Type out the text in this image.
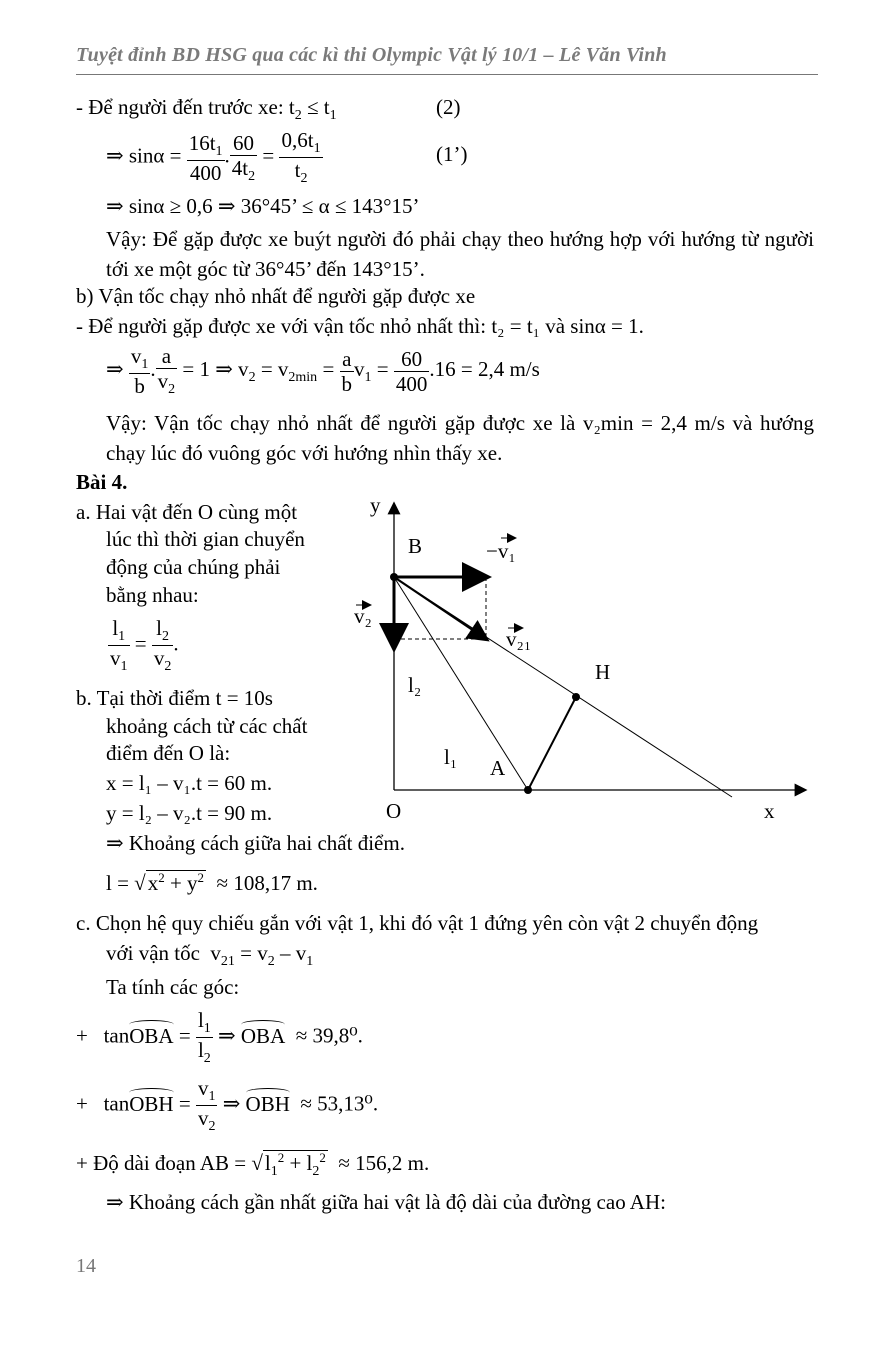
Tuyệt đỉnh BD HSG qua các kì thi Olympic Vật lý 10/1 – Lê Văn Vinh
- Để người đến trước xe: $t_2 \le t_1$	(2)
⇒ $\sin\alpha = \frac{16t_1}{400}$ . $\frac{60}{4t_2} = \frac{0,6t_1}{t_2}$	(1’)
⇒ sinα ≥ 0,6 ⇒ 36°45’ ≤ α ≤ 143°15’
Vậy: Để gặp được xe buýt người đó phải chạy theo hướng hợp với hướng từ người tới xe một góc từ 36°45’ đến 143°15’.
b) Vận tốc chạy nhỏ nhất để người gặp được xe
- Để người gặp được xe với vận tốc nhỏ nhất thì: t₂ = t₁ và sinα = 1.
⇒ $\frac{v_1}{b}$ . $\frac{a}{v_2} = 1$ ⇒ $v_2 = v_{2min} = \frac{a}{b} v_1 = \frac{60}{400} .16 = 2,4$ m/s
Vậy: Vận tốc chạy nhỏ nhất để người gặp được xe là v₂min = 2,4 m/s và hướng chạy lúc đó vuông góc với hướng nhìn thấy xe.
Bài 4.
a. Hai vật đến O cùng một
lúc thì thời gian chuyển
động của chúng phải
bằng nhau:
$\frac{l_1}{v_1} = \frac{l_2}{v_2}$ .
b. Tại thời điểm t = 10s
khoảng cách từ các chất
điểm đến O là:
x = l₁ – v₁.t = 60 m.
y = l₂ – v₂.t = 90 m.
⇒ Khoảng cách giữa hai chất điểm.
$l = √x^2 + y^2 \approx 108,17$ m.
y
x
O
B
A
H
−v₁
v₂
v₂₁
l₂
l₁
c. Chọn hệ quy chiếu gắn với vật 1, khi đó vật 1 đứng yên còn vật 2 chuyển động
với vận tốc  $v_{21} = v_2 - v_1$
Ta tính các góc:
+   tanOBA = $\frac{l_1}{l_2}$ ⇒ OBA ≈ 39,8⁰.
+   tanOBH = $\frac{v_1}{v_2}$ ⇒ OBH ≈ 53,13⁰.
+ Độ dài đoạn AB = $√l_1^2 + l_2^2 \approx 156,2$ m.
⇒ Khoảng cách gần nhất giữa hai vật là độ dài của đường cao AH:
14
